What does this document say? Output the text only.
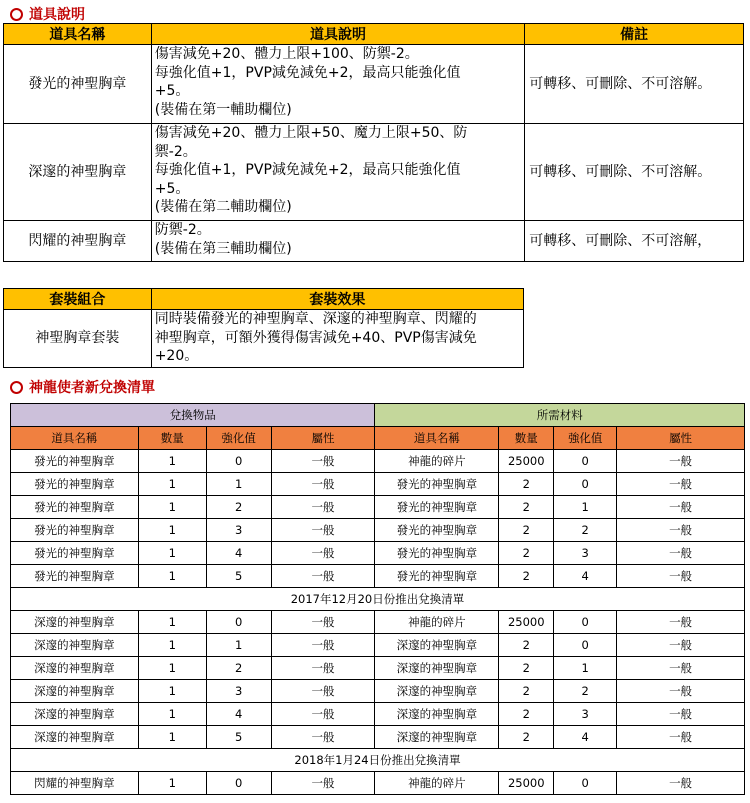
道具說明
道具名稱	道具說明	備註
發光的神聖胸章	傷害減免+20、體力上限+100、防禦-2。
每強化值+1，PVP減免減免+2，最高只能強化值
+5。
(裝備在第一輔助欄位)	可轉移、可刪除、不可溶解。
深邃的神聖胸章	傷害減免+20、體力上限+50、魔力上限+50、防
禦-2。
每強化值+1，PVP減免減免+2，最高只能強化值
+5。
(裝備在第二輔助欄位)	可轉移、可刪除、不可溶解。
閃耀的神聖胸章	防禦-2。
(裝備在第三輔助欄位)	可轉移、可刪除、不可溶解，
套裝組合	套裝效果
神聖胸章套裝	同時裝備發光的神聖胸章、深邃的神聖胸章、閃耀的
神聖胸章，可額外獲得傷害減免+40、PVP傷害減免
+20。
神龍使者新兌換清單
兌換物品				所需材料			
道具名稱	數量	強化值	屬性	道具名稱	數量	強化值	屬性
發光的神聖胸章	1	0	一般	神龍的碎片	25000	0	一般
發光的神聖胸章	1	1	一般	發光的神聖胸章	2	0	一般
發光的神聖胸章	1	2	一般	發光的神聖胸章	2	1	一般
發光的神聖胸章	1	3	一般	發光的神聖胸章	2	2	一般
發光的神聖胸章	1	4	一般	發光的神聖胸章	2	3	一般
發光的神聖胸章	1	5	一般	發光的神聖胸章	2	4	一般
2017年12月20日份推出兌換清單							
深邃的神聖胸章	1	0	一般	神龍的碎片	25000	0	一般
深邃的神聖胸章	1	1	一般	深邃的神聖胸章	2	0	一般
深邃的神聖胸章	1	2	一般	深邃的神聖胸章	2	1	一般
深邃的神聖胸章	1	3	一般	深邃的神聖胸章	2	2	一般
深邃的神聖胸章	1	4	一般	深邃的神聖胸章	2	3	一般
深邃的神聖胸章	1	5	一般	深邃的神聖胸章	2	4	一般
2018年1月24日份推出兌換清單							
閃耀的神聖胸章	1	0	一般	神龍的碎片	25000	0	一般
